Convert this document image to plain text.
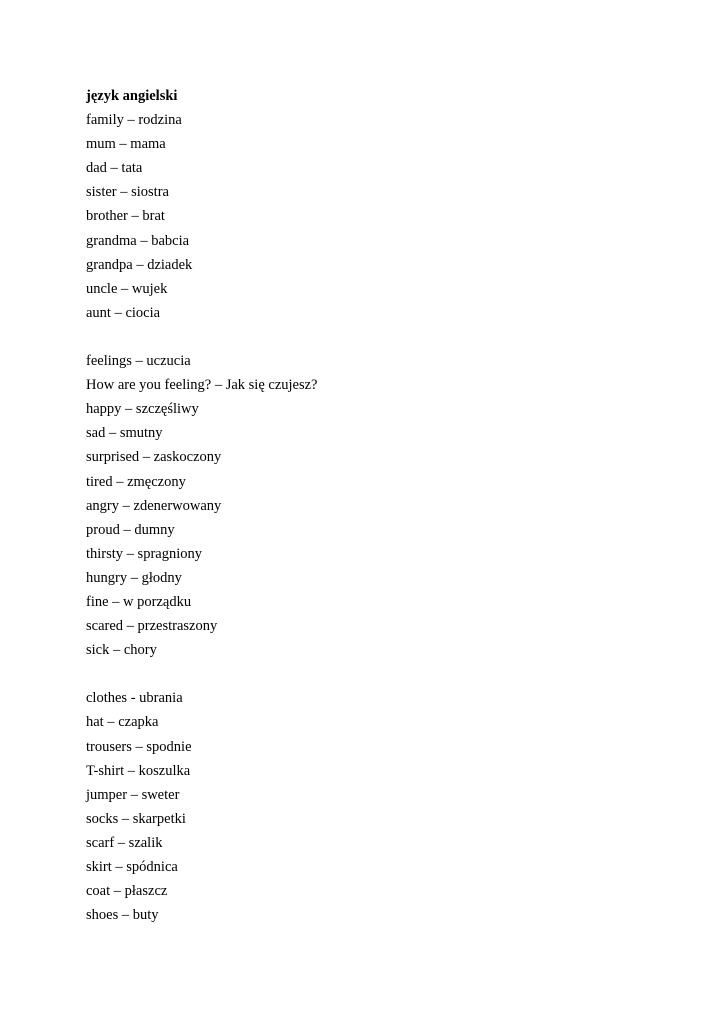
język angielski
family – rodzina
mum – mama
dad – tata
sister – siostra
brother – brat
grandma – babcia
grandpa – dziadek
uncle – wujek
aunt – ciocia
feelings – uczucia
How are you feeling? – Jak się czujesz?
happy – szczęśliwy
sad – smutny
surprised – zaskoczony
tired – zmęczony
angry – zdenerwowany
proud – dumny
thirsty – spragniony
hungry – głodny
fine – w porządku
scared – przestraszony
sick – chory
clothes - ubrania
hat – czapka
trousers – spodnie
T-shirt – koszulka
jumper – sweter
socks – skarpetki
scarf – szalik
skirt – spódnica
coat – płaszcz
shoes – buty
